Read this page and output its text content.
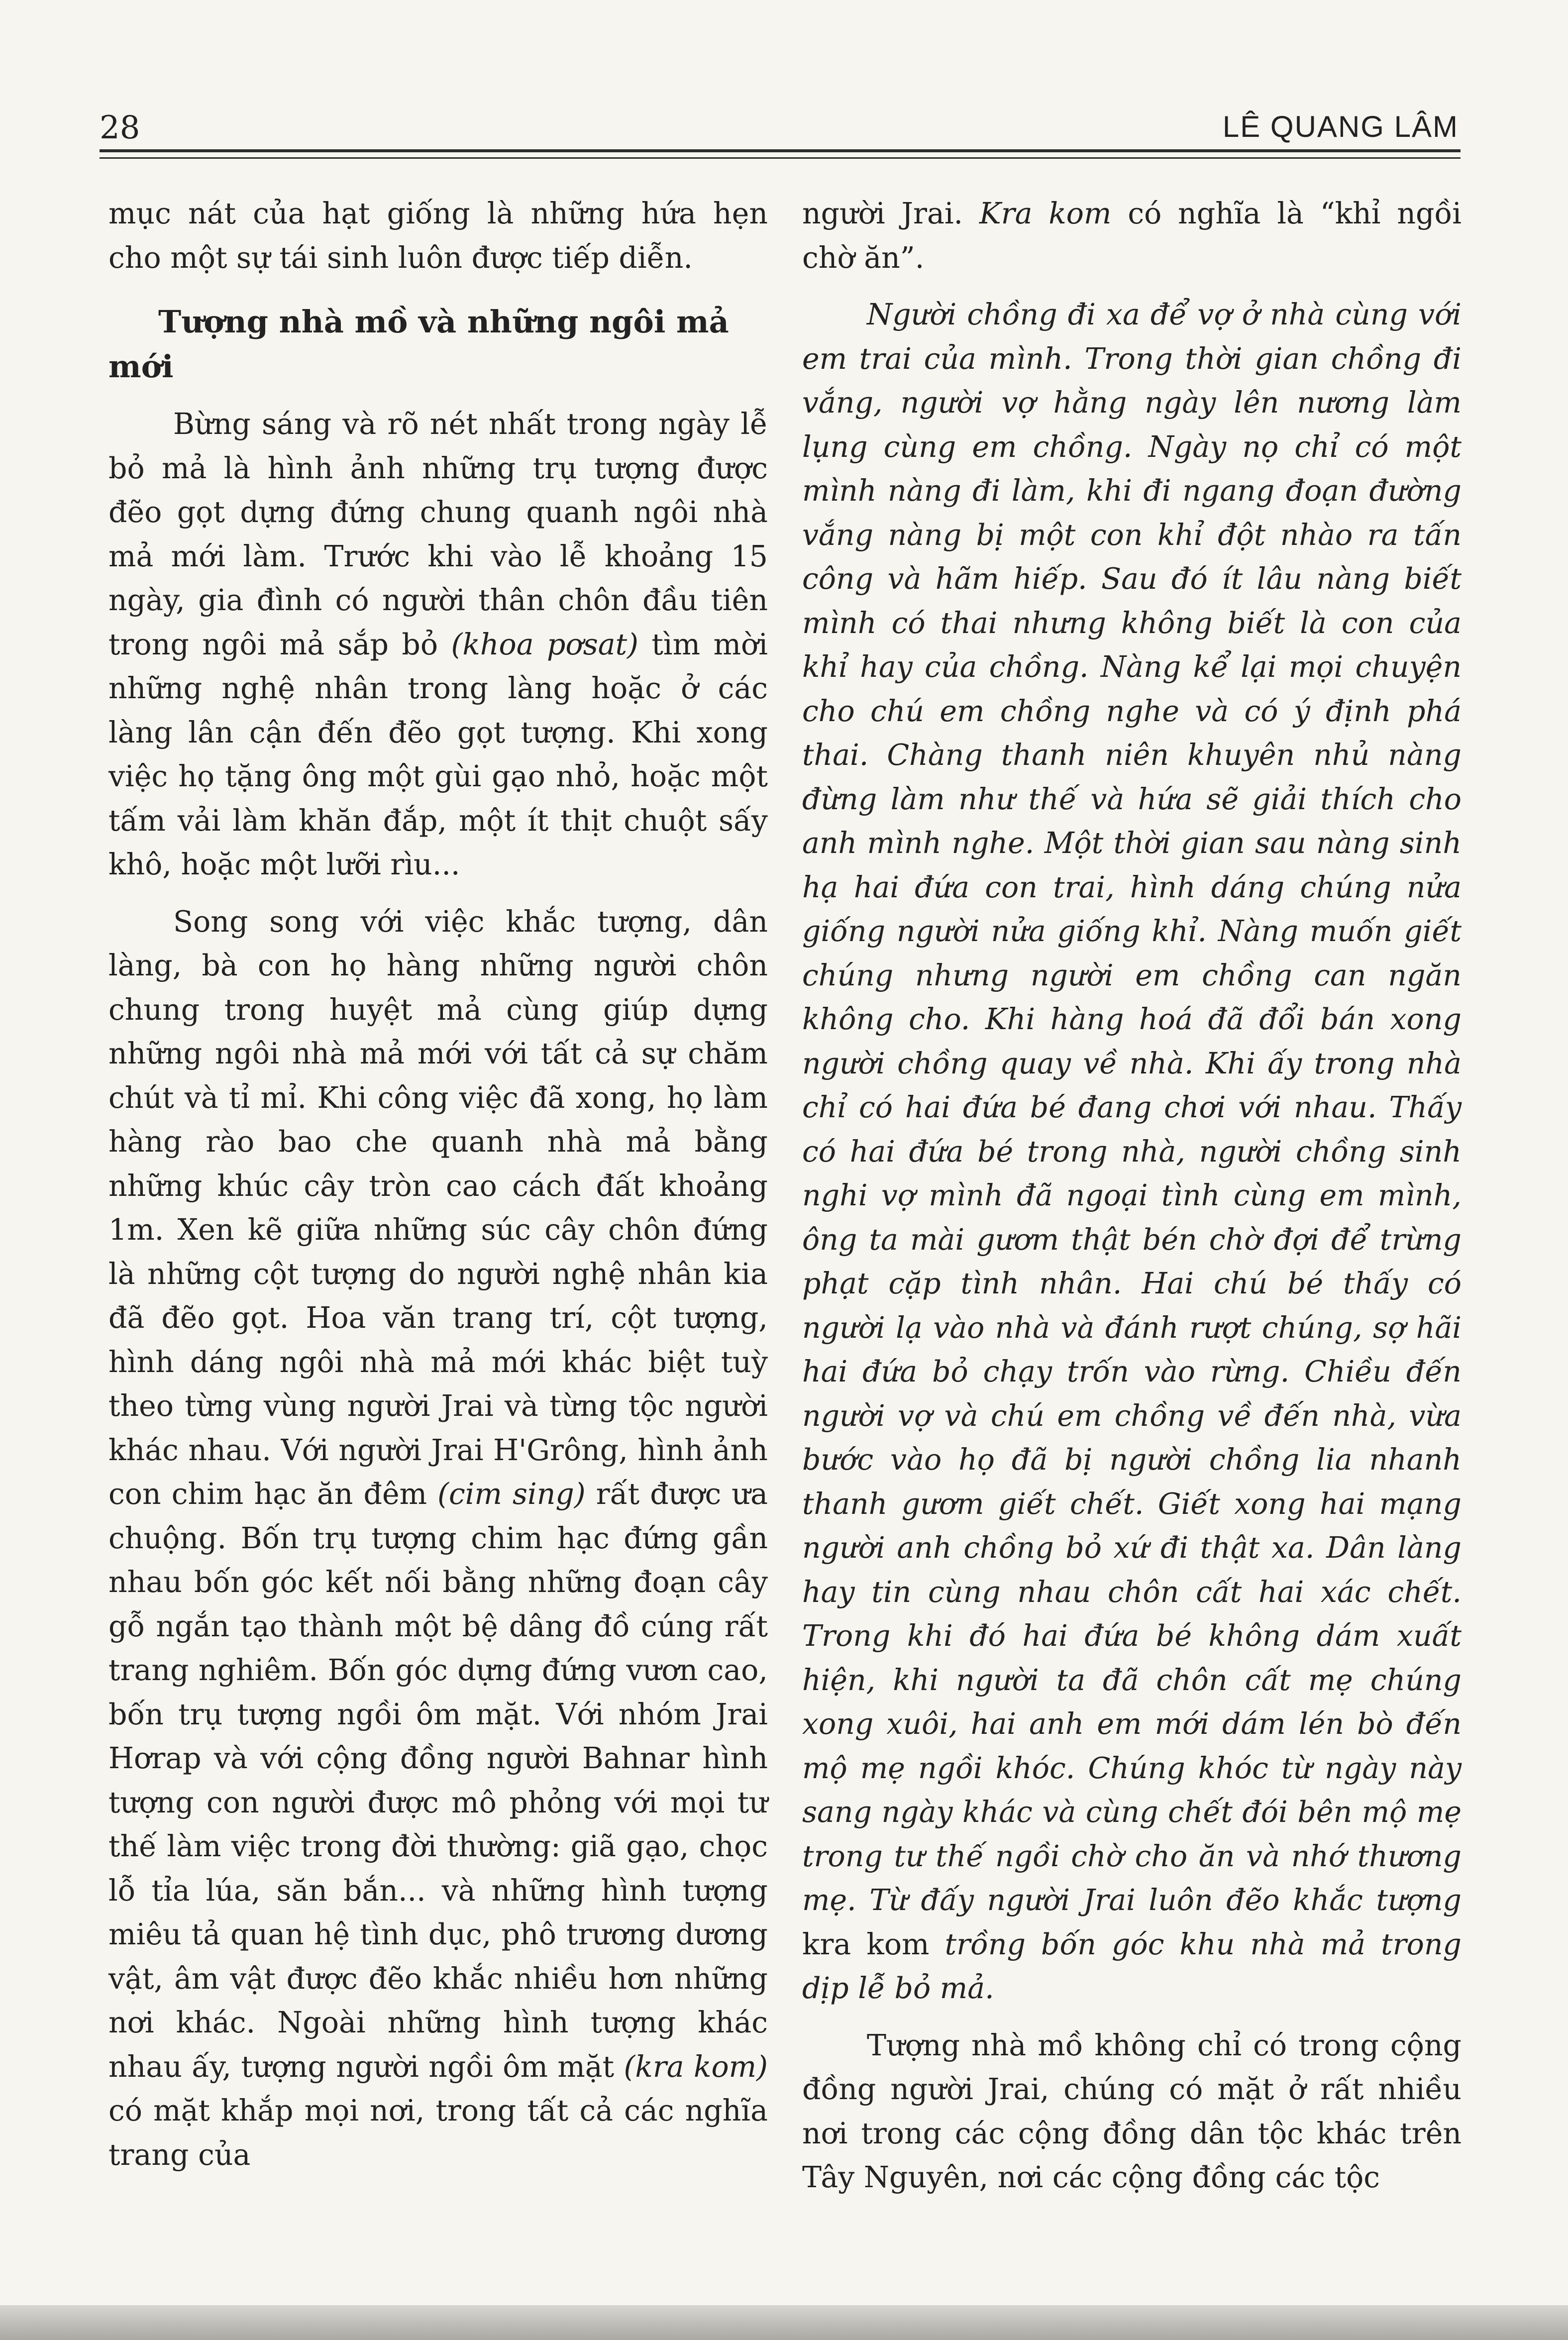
28	LÊ QUANG LÂM

mục nát của hạt giống là những hứa hẹn cho một sự tái sinh luôn được tiếp diễn.

Tượng nhà mồ và những ngôi mả mới

Bừng sáng và rõ nét nhất trong ngày lễ bỏ mả là hình ảnh những trụ tượng được đẽo gọt dựng đứng chung quanh ngôi nhà mả mới làm. Trước khi vào lễ khoảng 15 ngày, gia đình có người thân chôn đầu tiên trong ngôi mả sắp bỏ (khoa pơsat) tìm mời những nghệ nhân trong làng hoặc ở các làng lân cận đến đẽo gọt tượng. Khi xong việc họ tặng ông một gùi gạo nhỏ, hoặc một tấm vải làm khăn đắp, một ít thịt chuột sấy khô, hoặc một lưỡi rìu...

Song song với việc khắc tượng, dân làng, bà con họ hàng những người chôn chung trong huyệt mả cùng giúp dựng những ngôi nhà mả mới với tất cả sự chăm chút và tỉ mỉ. Khi công việc đã xong, họ làm hàng rào bao che quanh nhà mả bằng những khúc cây tròn cao cách đất khoảng 1m. Xen kẽ giữa những súc cây chôn đứng là những cột tượng do người nghệ nhân kia đã đẽo gọt. Hoa văn trang trí, cột tượng, hình dáng ngôi nhà mả mới khác biệt tuỳ theo từng vùng người Jrai và từng tộc người khác nhau. Với người Jrai H'Grông, hình ảnh con chim hạc ăn đêm (cim sing) rất được ưa chuộng. Bốn trụ tượng chim hạc đứng gần nhau bốn góc kết nối bằng những đoạn cây gỗ ngắn tạo thành một bệ dâng đồ cúng rất trang nghiêm. Bốn góc dựng đứng vươn cao, bốn trụ tượng ngồi ôm mặt. Với nhóm Jrai Hơrap và với cộng đồng người Bahnar hình tượng con người được mô phỏng với mọi tư thế làm việc trong đời thường: giã gạo, chọc lỗ tỉa lúa, săn bắn... và những hình tượng miêu tả quan hệ tình dục, phô trương dương vật, âm vật được đẽo khắc nhiều hơn những nơi khác. Ngoài những hình tượng khác nhau ấy, tượng người ngồi ôm mặt (kra kom) có mặt khắp mọi nơi, trong tất cả các nghĩa trang của

người Jrai. Kra kom có nghĩa là “khỉ ngồi chờ ăn”.

Người chồng đi xa để vợ ở nhà cùng với em trai của mình. Trong thời gian chồng đi vắng, người vợ hằng ngày lên nương làm lụng cùng em chồng. Ngày nọ chỉ có một mình nàng đi làm, khi đi ngang đoạn đường vắng nàng bị một con khỉ đột nhào ra tấn công và hãm hiếp. Sau đó ít lâu nàng biết mình có thai nhưng không biết là con của khỉ hay của chồng. Nàng kể lại mọi chuyện cho chú em chồng nghe và có ý định phá thai. Chàng thanh niên khuyên nhủ nàng đừng làm như thế và hứa sẽ giải thích cho anh mình nghe. Một thời gian sau nàng sinh hạ hai đứa con trai, hình dáng chúng nửa giống người nửa giống khỉ. Nàng muốn giết chúng nhưng người em chồng can ngăn không cho. Khi hàng hoá đã đổi bán xong người chồng quay về nhà. Khi ấy trong nhà chỉ có hai đứa bé đang chơi với nhau. Thấy có hai đứa bé trong nhà, người chồng sinh nghi vợ mình đã ngoại tình cùng em mình, ông ta mài gươm thật bén chờ đợi để trừng phạt cặp tình nhân. Hai chú bé thấy có người lạ vào nhà và đánh rượt chúng, sợ hãi hai đứa bỏ chạy trốn vào rừng. Chiều đến người vợ và chú em chồng về đến nhà, vừa bước vào họ đã bị người chồng lia nhanh thanh gươm giết chết. Giết xong hai mạng người anh chồng bỏ xứ đi thật xa. Dân làng hay tin cùng nhau chôn cất hai xác chết. Trong khi đó hai đứa bé không dám xuất hiện, khi người ta đã chôn cất mẹ chúng xong xuôi, hai anh em mới dám lén bò đến mộ mẹ ngồi khóc. Chúng khóc từ ngày này sang ngày khác và cùng chết đói bên mộ mẹ trong tư thế ngồi chờ cho ăn và nhớ thương mẹ. Từ đấy người Jrai luôn đẽo khắc tượng kra kom trồng bốn góc khu nhà mả trong dịp lễ bỏ mả.

Tượng nhà mồ không chỉ có trong cộng đồng người Jrai, chúng có mặt ở rất nhiều nơi trong các cộng đồng dân tộc khác trên Tây Nguyên, nơi các cộng đồng các tộc
